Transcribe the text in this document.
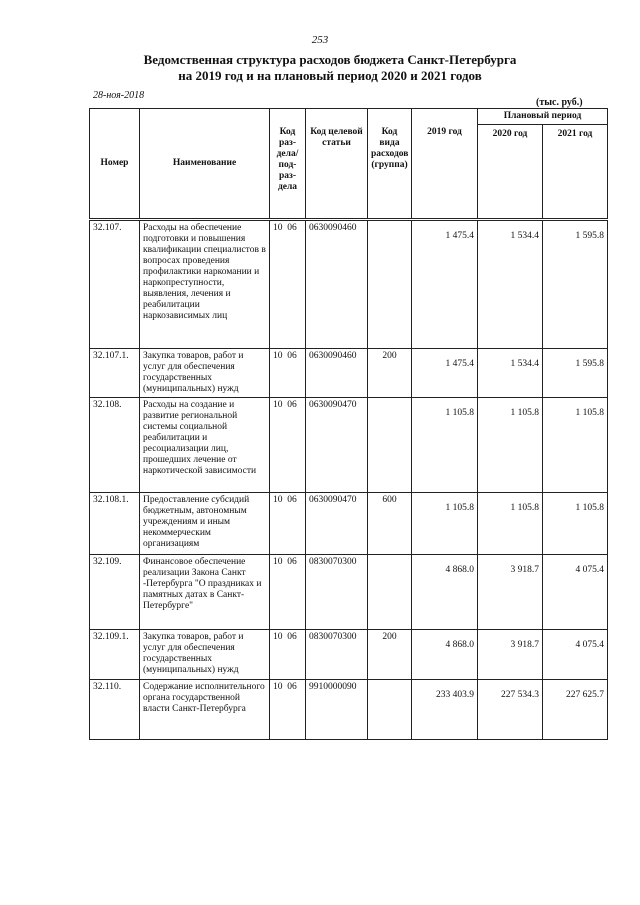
253
Ведомственная структура расходов бюджета Санкт-Петербурга
на 2019 год и на плановый период 2020 и 2021 годов
28-ноя-2018
(тыс. руб.)
Номер	Наименование	Код раз-дела/ под-раз-дела	Код целевой статьи	Код вида расходов (группа)	2019 год	Плановый период	
						2020 год	2021 год

32.107.	Расходы на обеспечение подготовки и повышения квалификации специалистов в вопросах проведения профилактики наркомании и наркопреступности, выявления, лечения и реабилитации наркозависимых лиц	10 06	0630090460		1 475.4	1 534.4	1 595.8
32.107.1.	Закупка товаров, работ и услуг для обеспечения государственных (муниципальных) нужд	10 06	0630090460	200	1 475.4	1 534.4	1 595.8
32.108.	Расходы на создание и развитие региональной системы социальной реабилитации и ресоциализации лиц, прошедших лечение от наркотической зависимости	10 06	0630090470		1 105.8	1 105.8	1 105.8
32.108.1.	Предоставление субсидий бюджетным, автономным учреждениям и иным некоммерческим организациям	10 06	0630090470	600	1 105.8	1 105.8	1 105.8
32.109.	Финансовое обеспечение реализации Закона Санкт -Петербурга "О праздниках и памятных датах в Санкт-Петербурге"	10 06	0830070300		4 868.0	3 918.7	4 075.4
32.109.1.	Закупка товаров, работ и услуг для обеспечения государственных (муниципальных) нужд	10 06	0830070300	200	4 868.0	3 918.7	4 075.4
32.110.	Содержание исполнительного органа государственной власти Санкт-Петербурга	10 06	9910000090		233 403.9	227 534.3	227 625.7
